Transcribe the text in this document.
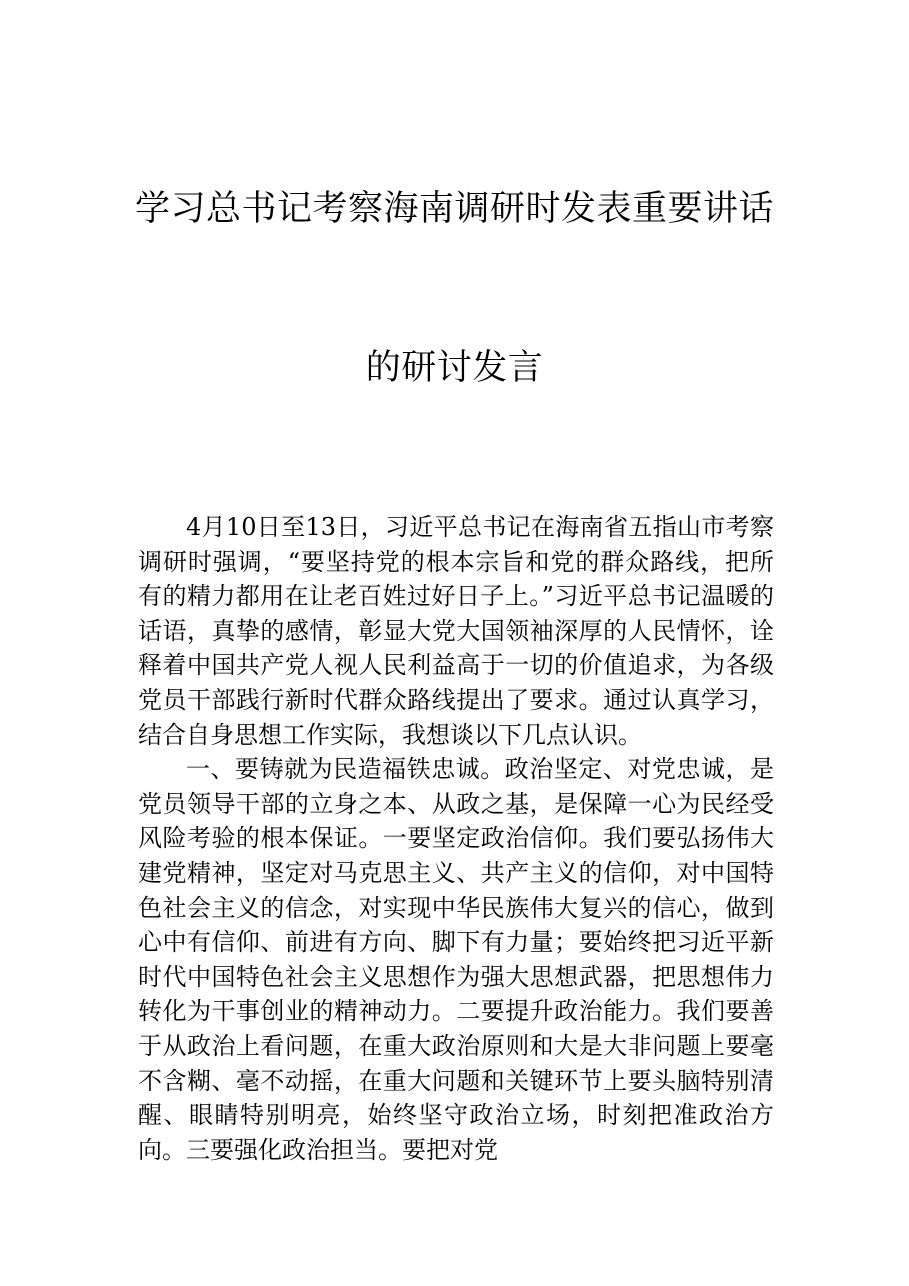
学习总书记考察海南调研时发表重要讲话
的研讨发言

4月10日至13日，习近平总书记在海南省五指山市考察调研时强调，“要坚持党的根本宗旨和党的群众路线，把所有的精力都用在让老百姓过好日子上。”习近平总书记温暖的话语，真挚的感情，彰显大党大国领袖深厚的人民情怀，诠释着中国共产党人视人民利益高于一切的价值追求，为各级党员干部践行新时代群众路线提出了要求。通过认真学习，结合自身思想工作实际，我想谈以下几点认识。

一、要铸就为民造福铁忠诚。政治坚定、对党忠诚，是党员领导干部的立身之本、从政之基，是保障一心为民经受风险考验的根本保证。一要坚定政治信仰。我们要弘扬伟大建党精神，坚定对马克思主义、共产主义的信仰，对中国特色社会主义的信念，对实现中华民族伟大复兴的信心，做到心中有信仰、前进有方向、脚下有力量；要始终把习近平新时代中国特色社会主义思想作为强大思想武器，把思想伟力转化为干事创业的精神动力。二要提升政治能力。我们要善于从政治上看问题，在重大政治原则和大是大非问题上要毫不含糊、毫不动摇，在重大问题和关键环节上要头脑特别清醒、眼睛特别明亮，始终坚守政治立场，时刻把准政治方向。三要强化政治担当。要把对党
